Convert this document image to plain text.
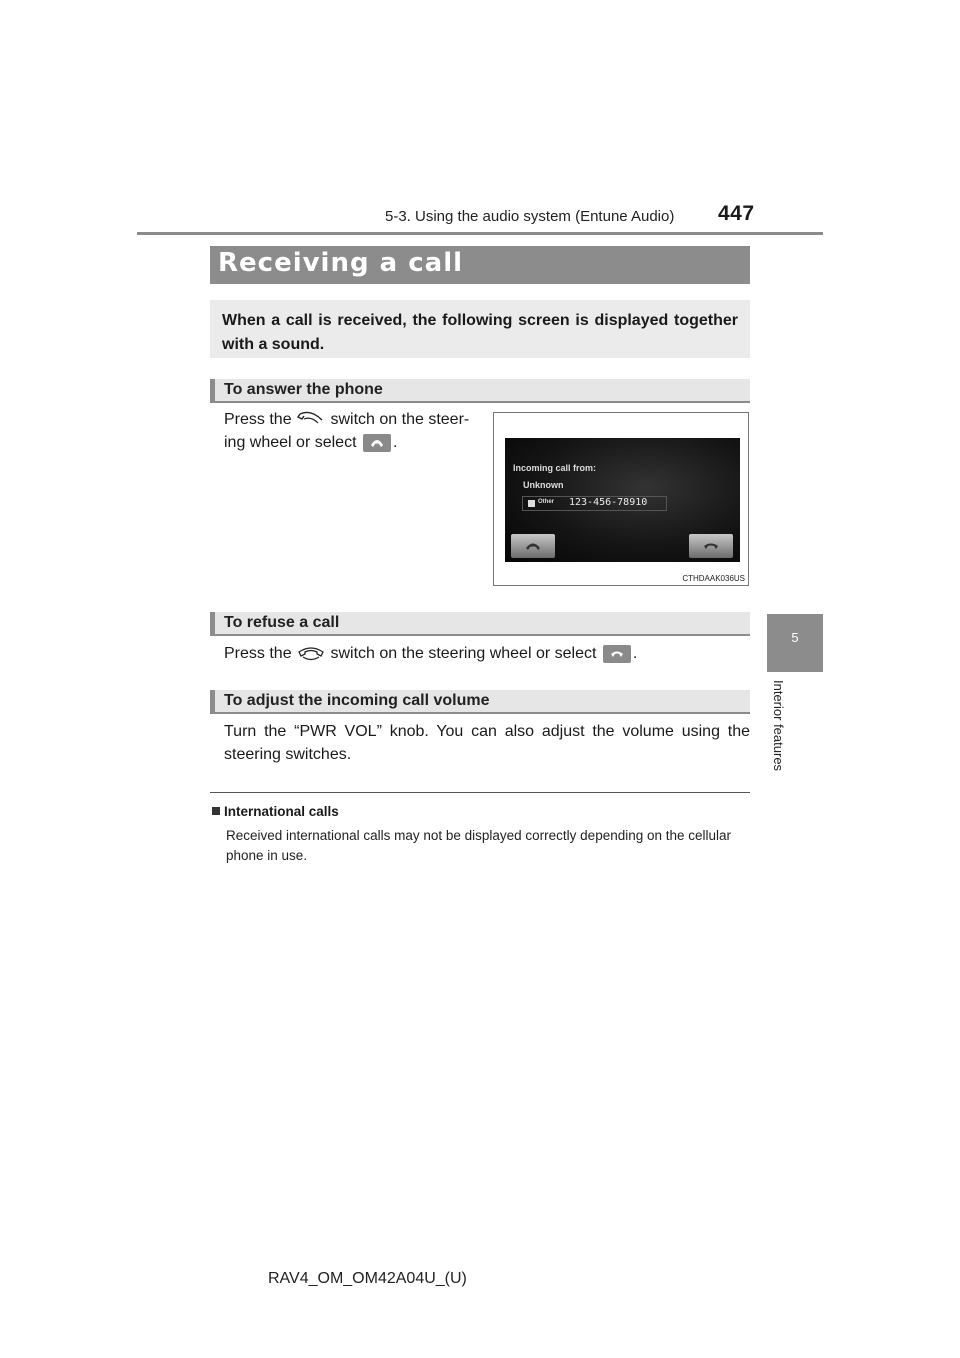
5-3. Using the audio system (Entune Audio) 447
5
Interior features
Receiving a call

When a call is received, the following screen is displayed together with a sound.

To answer the phone
Press the switch on the steer-
ing wheel or select .
Incoming call from:
Unknown
Other 123-456-78910
CTHDAAK036US
To refuse a call
Press the switch on the steering wheel or select .
To adjust the incoming call volume
Turn the “PWR VOL” knob. You can also adjust the volume using the steering switches.
International calls
Received international calls may not be displayed correctly depending on the cellular phone in use.
RAV4_OM_OM42A04U_(U)
